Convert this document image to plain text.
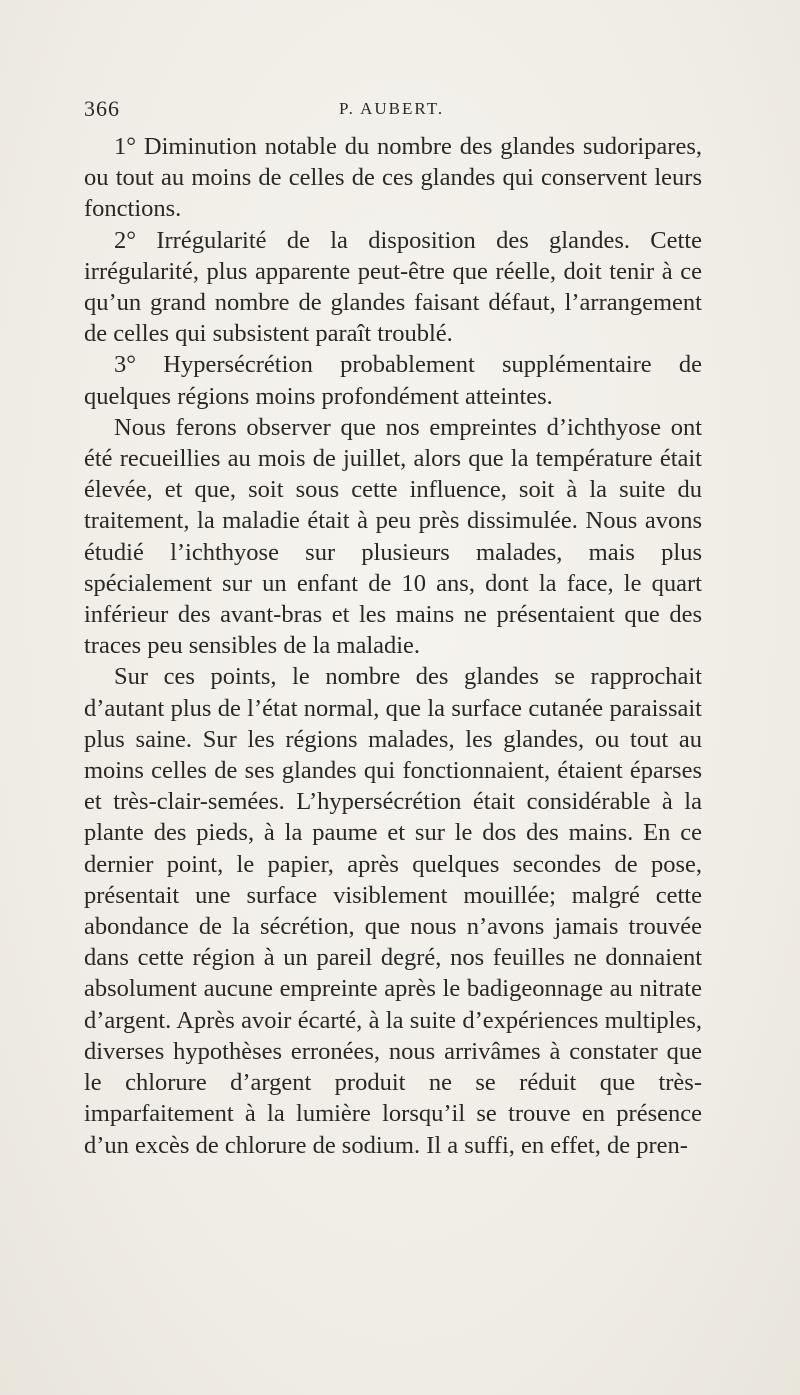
366	P. AUBERT.

1° Diminution notable du nombre des glandes sudoripares, ou tout au moins de celles de ces glandes qui conservent leurs fonctions.

2° Irrégularité de la disposition des glandes. Cette irrégularité, plus apparente peut-être que réelle, doit tenir à ce qu’un grand nombre de glandes faisant défaut, l’arrangement de celles qui subsistent paraît troublé.

3° Hypersécrétion probablement supplémentaire de quelques régions moins profondément atteintes.

Nous ferons observer que nos empreintes d’ichthyose ont été recueillies au mois de juillet, alors que la température était élevée, et que, soit sous cette influence, soit à la suite du traitement, la maladie était à peu près dissimulée. Nous avons étudié l’ichthyose sur plusieurs malades, mais plus spécialement sur un enfant de 10 ans, dont la face, le quart inférieur des avant-bras et les mains ne présentaient que des traces peu sensibles de la maladie.

Sur ces points, le nombre des glandes se rapprochait d’autant plus de l’état normal, que la surface cutanée paraissait plus saine. Sur les régions malades, les glandes, ou tout au moins celles de ses glandes qui fonctionnaient, étaient éparses et très-clair-semées. L’hypersécrétion était considérable à la plante des pieds, à la paume et sur le dos des mains. En ce dernier point, le papier, après quelques secondes de pose, présentait une surface visiblement mouillée; malgré cette abondance de la sécrétion, que nous n’avons jamais trouvée dans cette région à un pareil degré, nos feuilles ne donnaient absolument aucune empreinte après le badigeonnage au nitrate d’argent. Après avoir écarté, à la suite d’expériences multiples, diverses hypothèses erronées, nous arrivâmes à constater que le chlorure d’argent produit ne se réduit que très-imparfaitement à la lumière lorsqu’il se trouve en présence d’un excès de chlorure de sodium. Il a suffi, en effet, de pren-
